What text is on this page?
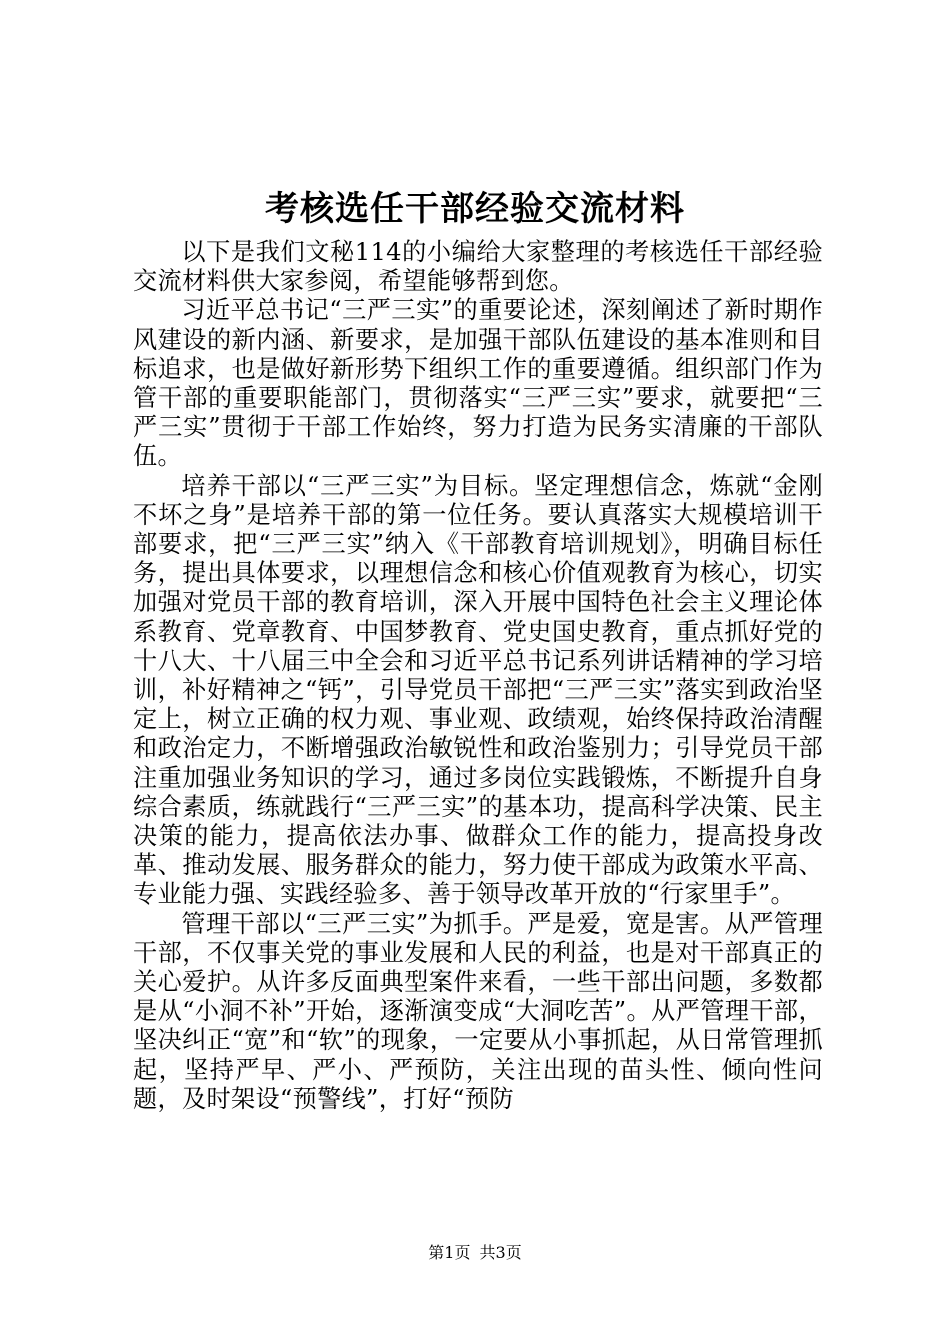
考核选任干部经验交流材料

以下是我们文秘114的小编给大家整理的考核选任干部经验交流材料供大家参阅，希望能够帮到您。

习近平总书记“三严三实”的重要论述，深刻阐述了新时期作风建设的新内涵、新要求，是加强干部队伍建设的基本准则和目标追求，也是做好新形势下组织工作的重要遵循。组织部门作为管干部的重要职能部门，贯彻落实“三严三实”要求，就要把“三严三实”贯彻于干部工作始终，努力打造为民务实清廉的干部队伍。

培养干部以“三严三实”为目标。坚定理想信念，炼就“金刚不坏之身”是培养干部的第一位任务。要认真落实大规模培训干部要求，把“三严三实”纳入《干部教育培训规划》，明确目标任务，提出具体要求，以理想信念和核心价值观教育为核心，切实加强对党员干部的教育培训，深入开展中国特色社会主义理论体系教育、党章教育、中国梦教育、党史国史教育，重点抓好党的十八大、十八届三中全会和习近平总书记系列讲话精神的学习培训，补好精神之“钙”，引导党员干部把“三严三实”落实到政治坚定上，树立正确的权力观、事业观、政绩观，始终保持政治清醒和政治定力，不断增强政治敏锐性和政治鉴别力；引导党员干部注重加强业务知识的学习，通过多岗位实践锻炼，不断提升自身综合素质，练就践行“三严三实”的基本功，提高科学决策、民主决策的能力，提高依法办事、做群众工作的能力，提高投身改革、推动发展、服务群众的能力，努力使干部成为政策水平高、专业能力强、实践经验多、善于领导改革开放的“行家里手”。

管理干部以“三严三实”为抓手。严是爱，宽是害。从严管理干部，不仅事关党的事业发展和人民的利益，也是对干部真正的关心爱护。从许多反面典型案件来看，一些干部出问题，多数都是从“小洞不补”开始，逐渐演变成“大洞吃苦”。从严管理干部，坚决纠正“宽”和“软”的现象，一定要从小事抓起，从日常管理抓起，坚持严早、严小、严预防，关注出现的苗头性、倾向性问题，及时架设“预警线”，打好“预防

第1页 共3页
